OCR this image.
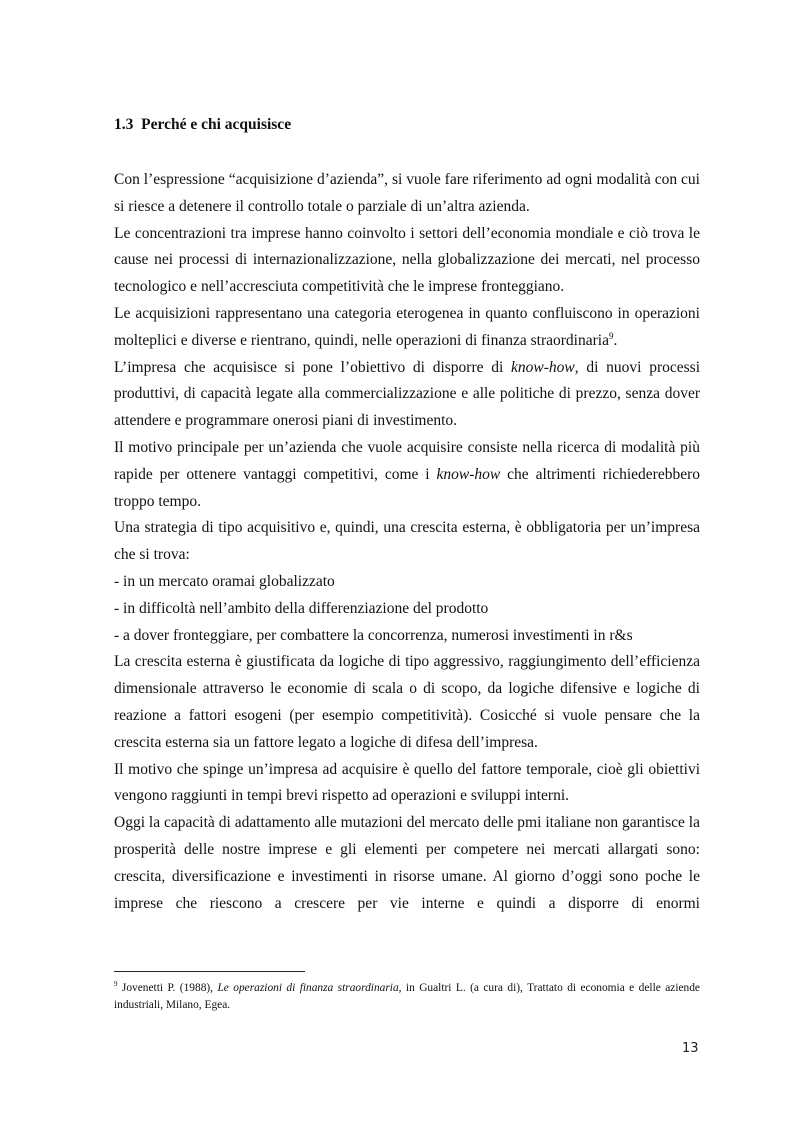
1.3 Perché e chi acquisisce

Con l’espressione “acquisizione d’azienda”, si vuole fare riferimento ad ogni modalità con cui si riesce a detenere il controllo totale o parziale di un’altra azienda.

Le concentrazioni tra imprese hanno coinvolto i settori dell’economia mondiale e ciò trova le cause nei processi di internazionalizzazione, nella globalizzazione dei mercati, nel processo tecnologico e nell’accresciuta competitività che le imprese fronteggiano.

Le acquisizioni rappresentano una categoria eterogenea in quanto confluiscono in operazioni molteplici e diverse e rientrano, quindi, nelle operazioni di finanza straordinaria$^9$.

L’impresa che acquisisce si pone l’obiettivo di disporre di know-how, di nuovi processi produttivi, di capacità legate alla commercializzazione e alle politiche di prezzo, senza dover attendere e programmare onerosi piani di investimento.

Il motivo principale per un’azienda che vuole acquisire consiste nella ricerca di modalità più rapide per ottenere vantaggi competitivi, come i know-how che altrimenti richiederebbero troppo tempo.

Una strategia di tipo acquisitivo e, quindi, una crescita esterna, è obbligatoria per un’impresa che si trova:

- in un mercato oramai globalizzato

- in difficoltà nell’ambito della differenziazione del prodotto

- a dover fronteggiare, per combattere la concorrenza, numerosi investimenti in r&s

La crescita esterna è giustificata da logiche di tipo aggressivo, raggiungimento dell’efficienza dimensionale attraverso le economie di scala o di scopo, da logiche difensive e logiche di reazione a fattori esogeni (per esempio competitività). Cosicché si vuole pensare che la crescita esterna sia un fattore legato a logiche di difesa dell’impresa.

Il motivo che spinge un’impresa ad acquisire è quello del fattore temporale, cioè gli obiettivi vengono raggiunti in tempi brevi rispetto ad operazioni e sviluppi interni.

Oggi la capacità di adattamento alle mutazioni del mercato delle pmi italiane non garantisce la prosperità delle nostre imprese e gli elementi per competere nei mercati allargati sono: crescita, diversificazione e investimenti in risorse umane. Al giorno d’oggi sono poche le imprese che riescono a crescere per vie interne e quindi a disporre di enormi

$^9$ Jovenetti P. (1988), Le operazioni di finanza straordinaria, in Gualtri L. (a cura di), Trattato di economia e delle aziende industriali, Milano, Egea.
13
